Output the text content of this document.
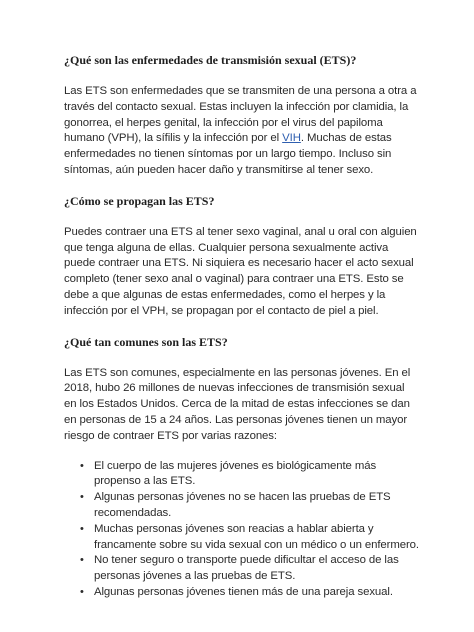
¿Qué son las enfermedades de transmisión sexual (ETS)?

Las ETS son enfermedades que se transmiten de una persona a otra a través del contacto sexual. Estas incluyen la infección por clamidia, la gonorrea, el herpes genital, la infección por el virus del papiloma humano (VPH), la sífilis y la infección por el VIH. Muchas de estas enfermedades no tienen síntomas por un largo tiempo. Incluso sin síntomas, aún pueden hacer daño y transmitirse al tener sexo.

¿Cómo se propagan las ETS?

Puedes contraer una ETS al tener sexo vaginal, anal u oral con alguien que tenga alguna de ellas. Cualquier persona sexualmente activa puede contraer una ETS. Ni siquiera es necesario hacer el acto sexual completo (tener sexo anal o vaginal) para contraer una ETS. Esto se debe a que algunas de estas enfermedades, como el herpes y la infección por el VPH, se propagan por el contacto de piel a piel.

¿Qué tan comunes son las ETS?

Las ETS son comunes, especialmente en las personas jóvenes. En el 2018, hubo 26 millones de nuevas infecciones de transmisión sexual en los Estados Unidos. Cerca de la mitad de estas infecciones se dan en personas de 15 a 24 años. Las personas jóvenes tienen un mayor riesgo de contraer ETS por varias razones:

• El cuerpo de las mujeres jóvenes es biológicamente más propenso a las ETS.
• Algunas personas jóvenes no se hacen las pruebas de ETS recomendadas.
• Muchas personas jóvenes son reacias a hablar abierta y francamente sobre su vida sexual con un médico o un enfermero.
• No tener seguro o transporte puede dificultar el acceso de las personas jóvenes a las pruebas de ETS.
• Algunas personas jóvenes tienen más de una pareja sexual.
